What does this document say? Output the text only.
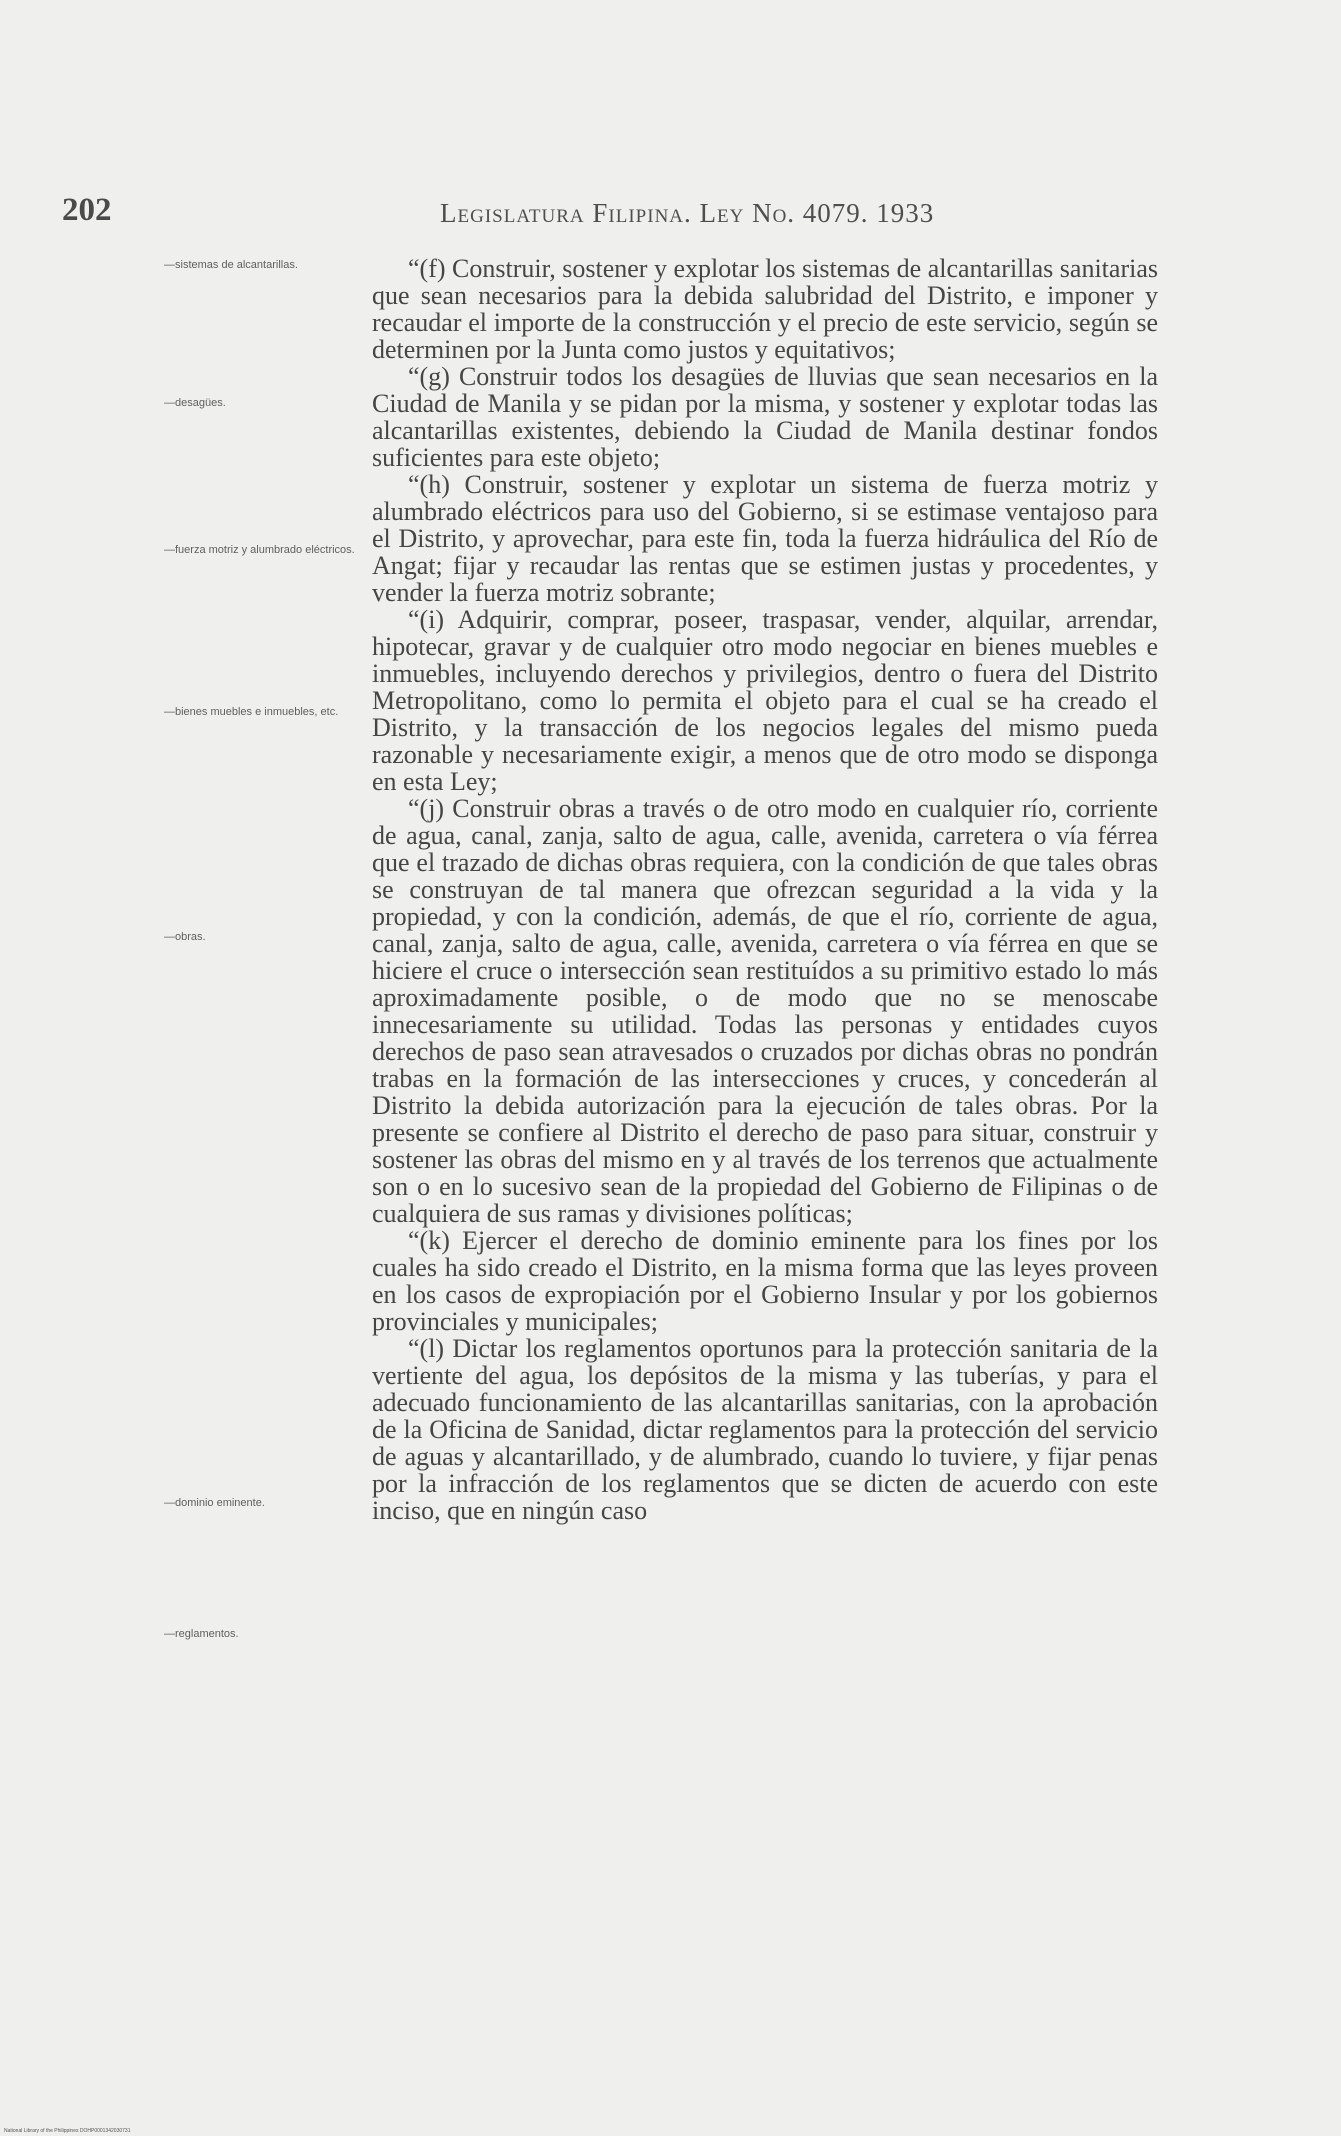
202	Legislatura Filipina. Ley No. 4079. 1933
—sistemas de alcantarillas.
—desagües.
—fuerza motriz y alumbrado eléctricos.
—bienes muebles e inmuebles, etc.
—obras.
—dominio eminente.
—reglamentos.

“(f) Construir, sostener y explotar los sistemas de alcantarillas sanitarias que sean necesarios para la debida salubridad del Distrito, e imponer y recaudar el importe de la construcción y el precio de este servicio, según se determinen por la Junta como justos y equitativos;

“(g) Construir todos los desagües de lluvias que sean necesarios en la Ciudad de Manila y se pidan por la misma, y sostener y explotar todas las alcantarillas existentes, debiendo la Ciudad de Manila destinar fondos suficientes para este objeto;

“(h) Construir, sostener y explotar un sistema de fuerza motriz y alumbrado eléctricos para uso del Gobierno, si se estimase ventajoso para el Distrito, y aprovechar, para este fin, toda la fuerza hidráulica del Río de Angat; fijar y recaudar las rentas que se estimen justas y procedentes, y vender la fuerza motriz sobrante;

“(i) Adquirir, comprar, poseer, traspasar, vender, alquilar, arrendar, hipotecar, gravar y de cualquier otro modo negociar en bienes muebles e inmuebles, incluyendo derechos y privilegios, dentro o fuera del Distrito Metropolitano, como lo permita el objeto para el cual se ha creado el Distrito, y la transacción de los negocios legales del mismo pueda razonable y necesariamente exigir, a menos que de otro modo se disponga en esta Ley;

“(j) Construir obras a través o de otro modo en cualquier río, corriente de agua, canal, zanja, salto de agua, calle, avenida, carretera o vía férrea que el trazado de dichas obras requiera, con la condición de que tales obras se construyan de tal manera que ofrezcan seguridad a la vida y la propiedad, y con la condición, además, de que el río, corriente de agua, canal, zanja, salto de agua, calle, avenida, carretera o vía férrea en que se hiciere el cruce o intersección sean restituídos a su primitivo estado lo más aproximadamente posible, o de modo que no se menoscabe innecesariamente su utilidad. Todas las personas y entidades cuyos derechos de paso sean atravesados o cruzados por dichas obras no pondrán trabas en la formación de las intersecciones y cruces, y concederán al Distrito la debida autorización para la ejecución de tales obras. Por la presente se confiere al Distrito el derecho de paso para situar, construir y sostener las obras del mismo en y al través de los terrenos que actualmente son o en lo sucesivo sean de la propiedad del Gobierno de Filipinas o de cualquiera de sus ramas y divisiones políticas;

“(k) Ejercer el derecho de dominio eminente para los fines por los cuales ha sido creado el Distrito, en la misma forma que las leyes proveen en los casos de expropiación por el Gobierno Insular y por los gobiernos provinciales y municipales;

“(l) Dictar los reglamentos oportunos para la protección sanitaria de la vertiente del agua, los depósitos de la misma y las tuberías, y para el adecuado funcionamiento de las alcantarillas sanitarias, con la aprobación de la Oficina de Sanidad, dictar reglamentos para la protección del servicio de aguas y alcantarillado, y de alumbrado, cuando lo tuviere, y fijar penas por la infracción de los reglamentos que se dicten de acuerdo con este inciso, que en ningún caso

National Library of the Philippines DOHP0001342030731
